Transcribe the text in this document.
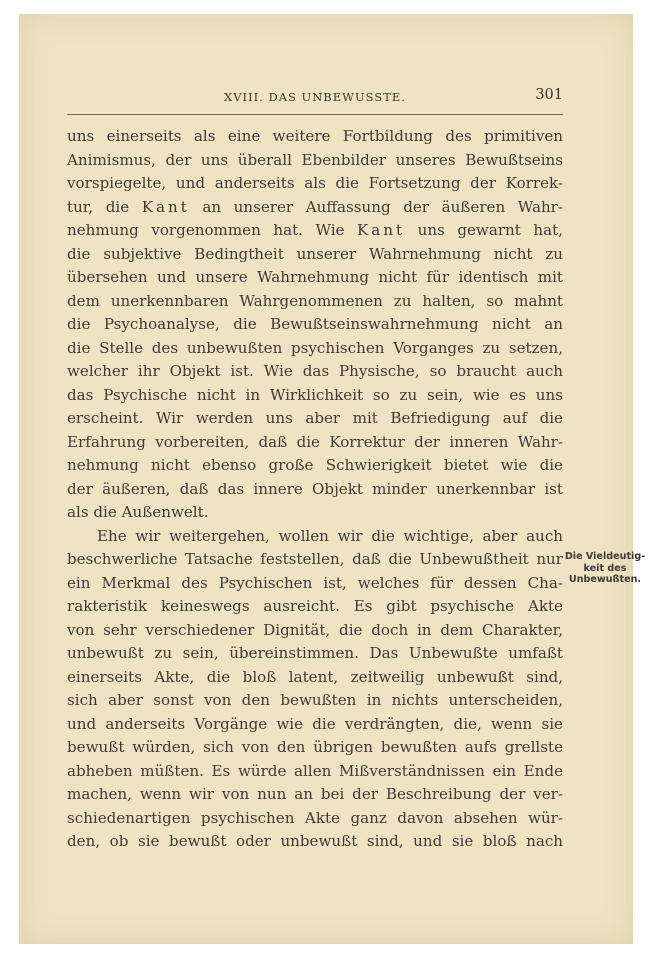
XVIII. DAS UNBEWUSSTE.	301
Die Vieldeutig-
keit des
Unbewußten.
uns einerseits als eine weitere Fortbildung des primitiven
Animismus, der uns überall Ebenbilder unseres Bewußtseins
vorspiegelte, und anderseits als die Fortsetzung der Korrek-
tur, die Kant an unserer Auffassung der äußeren Wahr-
nehmung vorgenommen hat. Wie Kant uns gewarnt hat,
die subjektive Bedingtheit unserer Wahrnehmung nicht zu
übersehen und unsere Wahrnehmung nicht für identisch mit
dem unerkennbaren Wahrgenommenen zu halten, so mahnt
die Psychoanalyse, die Bewußtseinswahrnehmung nicht an
die Stelle des unbewußten psychischen Vorganges zu setzen,
welcher ihr Objekt ist. Wie das Physische, so braucht auch
das Psychische nicht in Wirklichkeit so zu sein, wie es uns
erscheint. Wir werden uns aber mit Befriedigung auf die
Erfahrung vorbereiten, daß die Korrektur der inneren Wahr-
nehmung nicht ebenso große Schwierigkeit bietet wie die
der äußeren, daß das innere Objekt minder unerkennbar ist
als die Außenwelt.
Ehe wir weitergehen, wollen wir die wichtige, aber auch
beschwerliche Tatsache feststellen, daß die Unbewußtheit nur
ein Merkmal des Psychischen ist, welches für dessen Cha-
rakteristik keineswegs ausreicht. Es gibt psychische Akte
von sehr verschiedener Dignität, die doch in dem Charakter,
unbewußt zu sein, übereinstimmen. Das Unbewußte umfaßt
einerseits Akte, die bloß latent, zeitweilig unbewußt sind,
sich aber sonst von den bewußten in nichts unterscheiden,
und anderseits Vorgänge wie die verdrängten, die, wenn sie
bewußt würden, sich von den übrigen bewußten aufs grellste
abheben müßten. Es würde allen Mißverständnissen ein Ende
machen, wenn wir von nun an bei der Beschreibung der ver-
schiedenartigen psychischen Akte ganz davon absehen wür-
den, ob sie bewußt oder unbewußt sind, und sie bloß nach
